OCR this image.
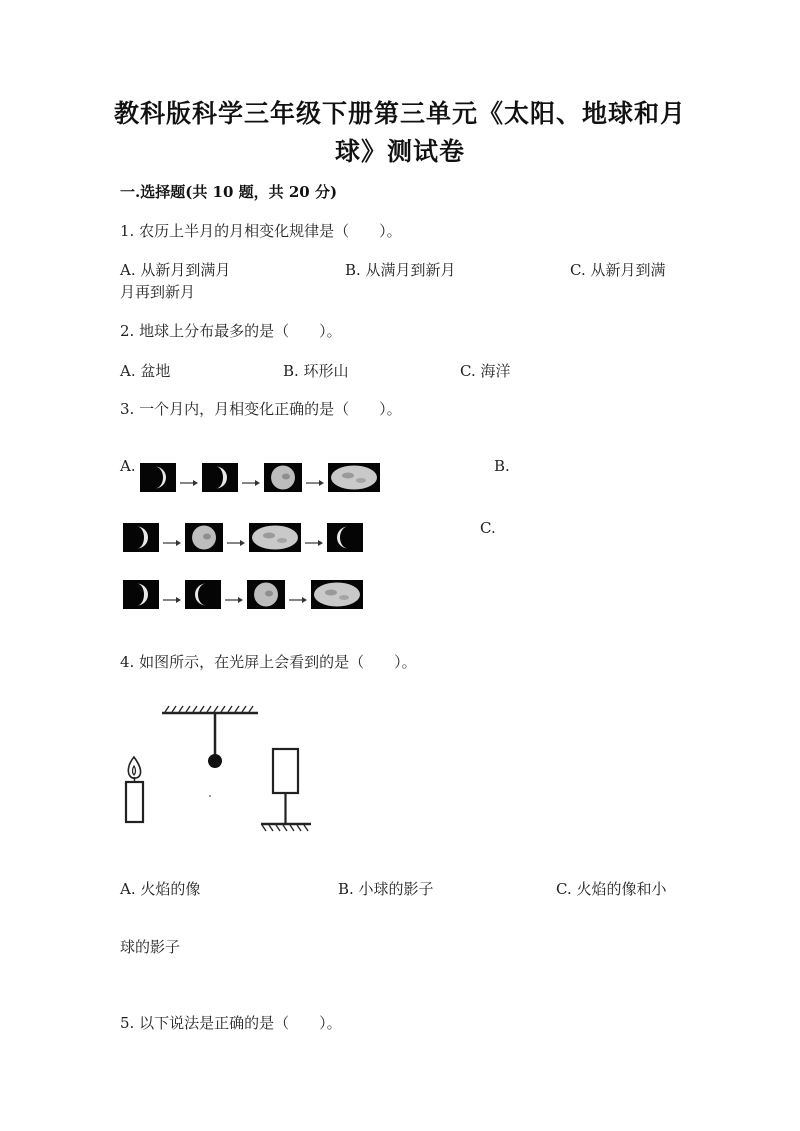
教科版科学三年级下册第三单元《太阳、地球和月
球》测试卷
一.选择题(共 10 题，共 20 分)
1. 农历上半月的月相变化规律是（　　）。
A. 从新月到满月	B. 从满月到新月	C. 从新月到满
月再到新月
2. 地球上分布最多的是（　　）。
A. 盆地	B. 环形山	C. 海洋
3. 一个月内，月相变化正确的是（　　）。
A.	B.
C.
4. 如图所示，在光屏上会看到的是（　　）。
A. 火焰的像	B. 小球的影子	C. 火焰的像和小
球的影子
5. 以下说法是正确的是（　　）。
